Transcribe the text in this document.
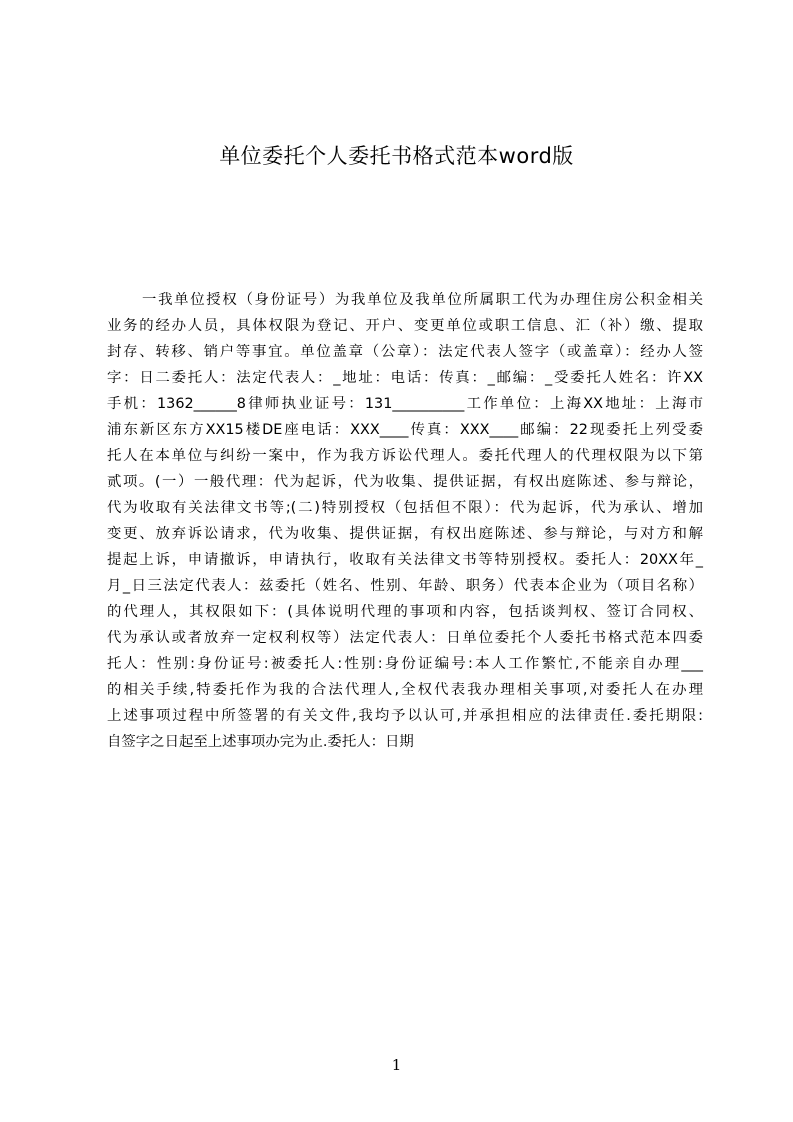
单位委托个人委托书格式范本word版
一我单位授权（身份证号）为我单位及我单位所属职工代为办理住房公积金相关
业务的经办人员，具体权限为登记、开户、变更单位或职工信息、汇（补）缴、提取
封存、转移、销户等事宜。单位盖章（公章）：法定代表人签字（或盖章）：经办人签
字：日二委托人：法定代表人：_地址：电话：传真：_邮编：_受委托人姓名：许XX
手机：1362______8律师执业证号：131__________工作单位：上海XX地址：上海市
浦东新区东方XX15楼DE座电话：XXX____传真：XXX____邮编：22现委托上列受委
托人在本单位与纠纷一案中，作为我方诉讼代理人。委托代理人的代理权限为以下第
贰项。(一）一般代理：代为起诉，代为收集、提供证据，有权出庭陈述、参与辩论，
代为收取有关法律文书等;(二)特别授权（包括但不限）：代为起诉，代为承认、增加
变更、放弃诉讼请求，代为收集、提供证据，有权出庭陈述、参与辩论，与对方和解
提起上诉，申请撤诉，申请执行，收取有关法律文书等特别授权。委托人：20XX年_
月_日三法定代表人：兹委托（姓名、性别、年龄、职务）代表本企业为（项目名称）
的代理人，其权限如下：(具体说明代理的事项和内容，包括谈判权、签订合同权、
代为承认或者放弃一定权利权等）法定代表人：日单位委托个人委托书格式范本四委
托人：性别:身份证号:被委托人:性别:身份证编号:本人工作繁忙,不能亲自办理___
的相关手续,特委托作为我的合法代理人,全权代表我办理相关事项,对委托人在办理
上述事项过程中所签署的有关文件,我均予以认可,并承担相应的法律责任.委托期限:
自签字之日起至上述事项办完为止.委托人：日期
1
